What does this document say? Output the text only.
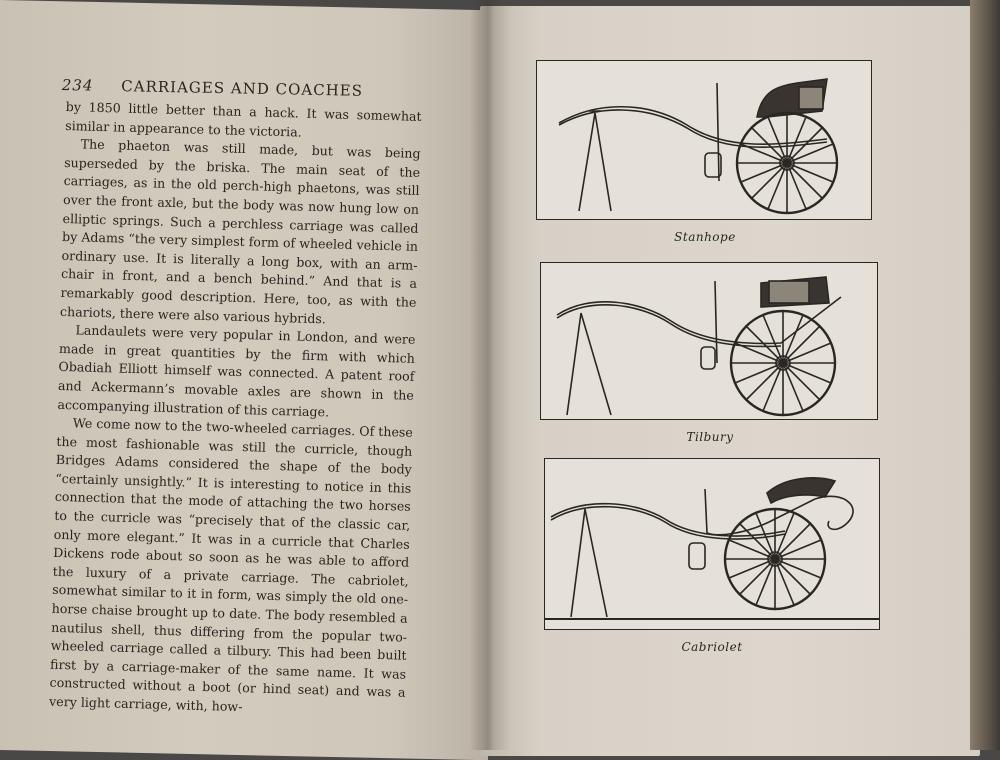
234 CARRIAGES AND COACHES

by 1850 little better than a hack. It was somewhat similar in appearance to the victoria.

The phaeton was still made, but was being superseded by the briska. The main seat of the carriages, as in the old perch-high phaetons, was still over the front axle, but the body was now hung low on elliptic springs. Such a perchless carriage was called by Adams “the very simplest form of wheeled vehicle in ordinary use. It is literally a long box, with an arm-chair in front, and a bench behind.” And that is a remarkably good description. Here, too, as with the chariots, there were also various hybrids.

Landaulets were very popular in London, and were made in great quantities by the firm with which Obadiah Elliott himself was connected. A patent roof and Ackermann’s movable axles are shown in the accompanying illustration of this carriage.

We come now to the two-wheeled carriages. Of these the most fashionable was still the curricle, though Bridges Adams considered the shape of the body “certainly unsightly.” It is interesting to notice in this connection that the mode of attaching the two horses to the curricle was “precisely that of the classic car, only more elegant.” It was in a curricle that Charles Dickens rode about so soon as he was able to afford the luxury of a private carriage. The cabriolet, somewhat similar to it in form, was simply the old one-horse chaise brought up to date. The body resembled a nautilus shell, thus differing from the popular two-wheeled carriage called a tilbury. This had been built first by a carriage-maker of the same name. It was constructed without a boot (or hind seat) and was a very light carriage, with, how-

Stanhope
Tilbury
Cabriolet
